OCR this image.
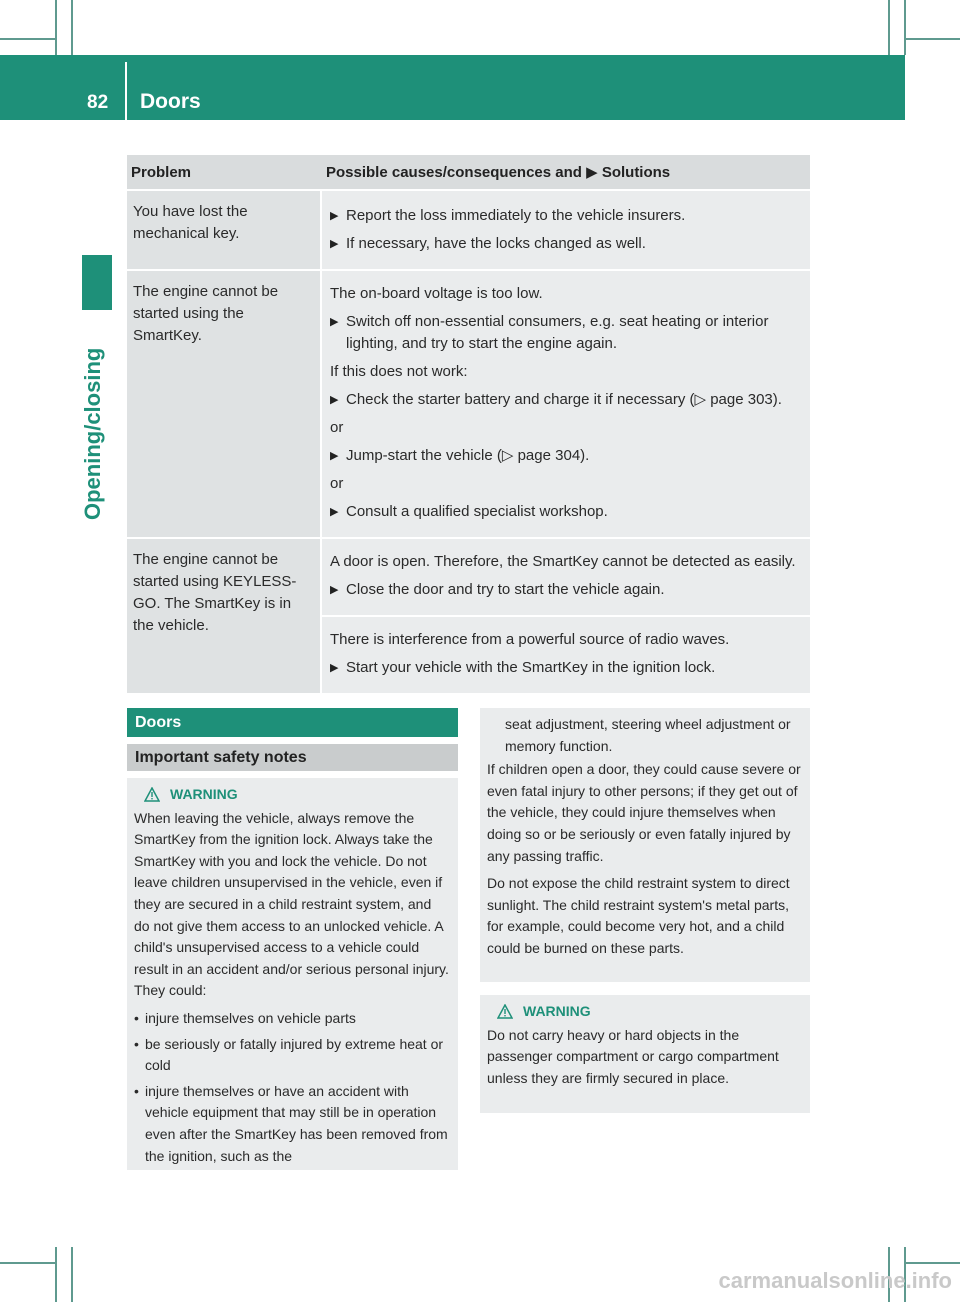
82 Doors
Opening/closing
Problem	Possible causes/consequences and ▶ Solutions
You have lost the mechanical key.
▶ Report the loss immediately to the vehicle insurers.
▶ If necessary, have the locks changed as well.
The engine cannot be started using the SmartKey.

The on-board voltage is too low.

▶ Switch off non-essential consumers, e.g. seat heating or interior lighting, and try to start the engine again.

If this does not work:

▶ Check the starter battery and charge it if necessary (▷ page 303).

or

▶ Jump-start the vehicle (▷ page 304).

or

▶ Consult a qualified specialist workshop.
The engine cannot be started using KEYLESS-GO. The SmartKey is in the vehicle.

A door is open. Therefore, the SmartKey cannot be detected as easily.

▶ Close the door and try to start the vehicle again.

There is interference from a powerful source of radio waves.

▶ Start your vehicle with the SmartKey in the ignition lock.
Doors
Important safety notes
WARNING

When leaving the vehicle, always remove the SmartKey from the ignition lock. Always take the SmartKey with you and lock the vehicle. Do not leave children unsupervised in the vehicle, even if they are secured in a child restraint system, and do not give them access to an unlocked vehicle. A child's unsupervised access to a vehicle could result in an accident and/or serious personal injury. They could:

• injure themselves on vehicle parts
• be seriously or fatally injured by extreme heat or cold
• injure themselves or have an accident with vehicle equipment that may still be in operation even after the SmartKey has been removed from the ignition, such as the
seat adjustment, steering wheel adjustment or memory function.

If children open a door, they could cause severe or even fatal injury to other persons; if they get out of the vehicle, they could injure themselves when doing so or be seriously or even fatally injured by any passing traffic.

Do not expose the child restraint system to direct sunlight. The child restraint system's metal parts, for example, could become very hot, and a child could be burned on these parts.

WARNING

Do not carry heavy or hard objects in the passenger compartment or cargo compartment unless they are firmly secured in place.

carmanualsonline.info
